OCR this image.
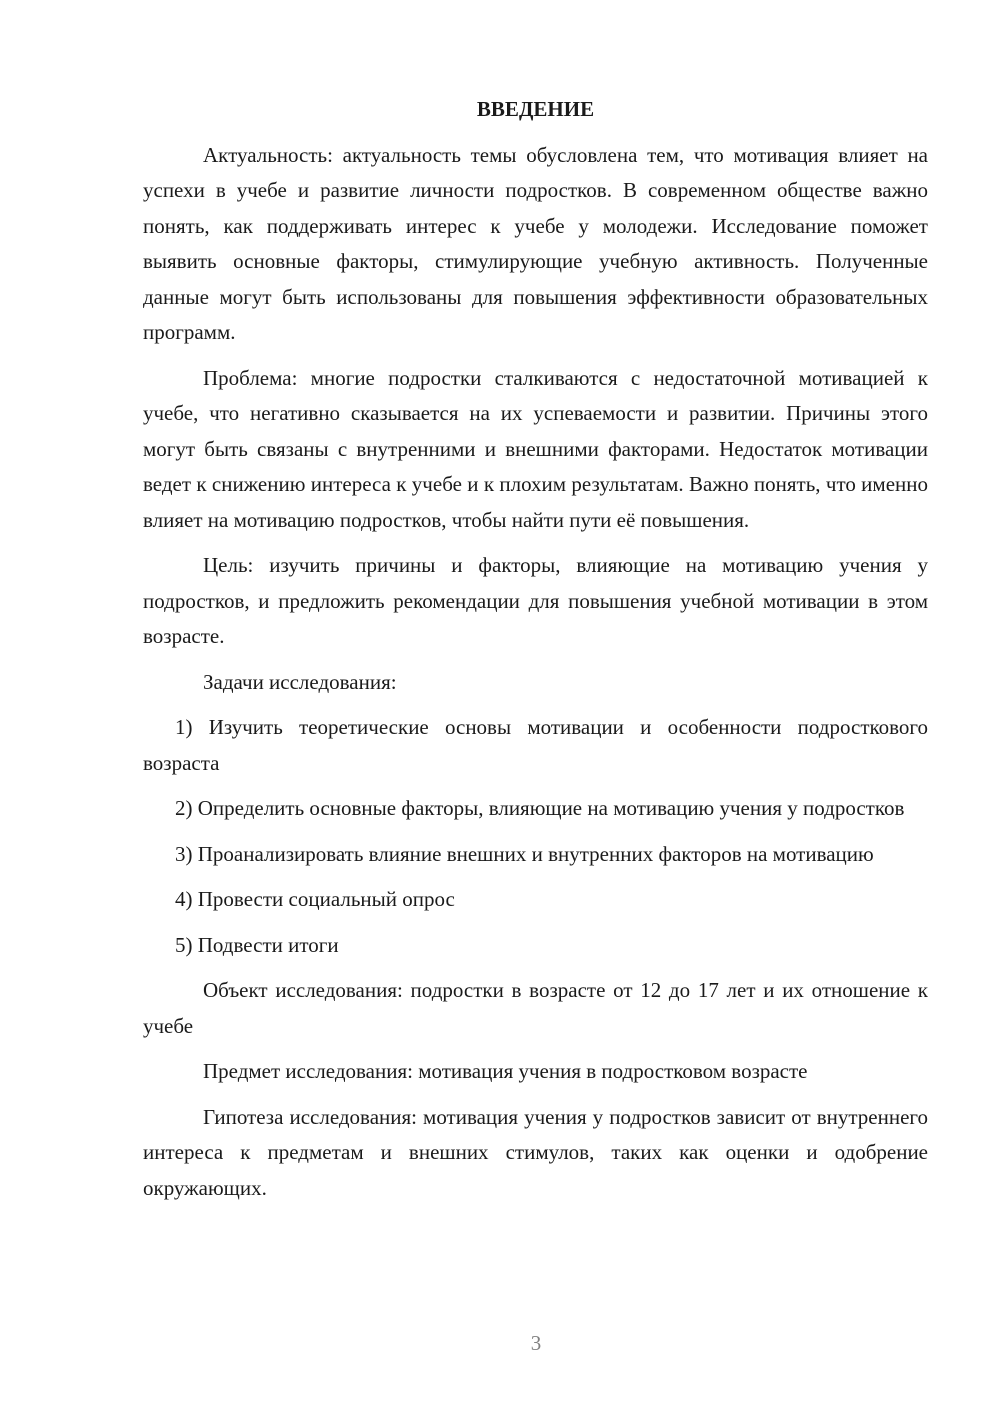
ВВЕДЕНИЕ

Актуальность: актуальность темы обусловлена тем, что мотивация влияет на успехи в учебе и развитие личности подростков. В современном обществе важно понять, как поддерживать интерес к учебе у молодежи. Исследование поможет выявить основные факторы, стимулирующие учебную активность. Полученные данные могут быть использованы для повышения эффективности образовательных программ.

Проблема: многие подростки сталкиваются с недостаточной мотивацией к учебе, что негативно сказывается на их успеваемости и развитии. Причины этого могут быть связаны с внутренними и внешними факторами. Недостаток мотивации ведет к снижению интереса к учебе и к плохим результатам. Важно понять, что именно влияет на мотивацию подростков, чтобы найти пути её повышения.

Цель: изучить причины и факторы, влияющие на мотивацию учения у подростков, и предложить рекомендации для повышения учебной мотивации в этом возрасте.

Задачи исследования:

1) Изучить теоретические основы мотивации и особенности подросткового возраста

2) Определить основные факторы, влияющие на мотивацию учения у подростков

3) Проанализировать влияние внешних и внутренних факторов на мотивацию

4) Провести социальный опрос

5) Подвести итоги

Объект исследования: подростки в возрасте от 12 до 17 лет и их отношение к учебе

Предмет исследования: мотивация учения в подростковом возрасте

Гипотеза исследования: мотивация учения у подростков зависит от внутреннего интереса к предметам и внешних стимулов, таких как оценки и одобрение окружающих.

3
